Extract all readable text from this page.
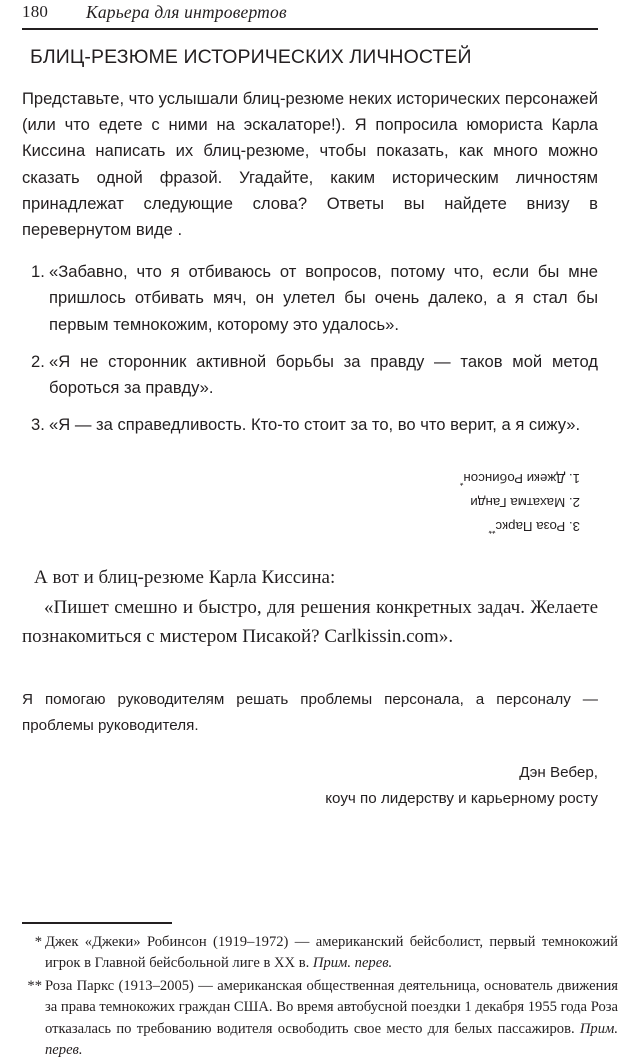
180 Карьера для интровертов
БЛИЦ-РЕЗЮМЕ ИСТОРИЧЕСКИХ ЛИЧНОСТЕЙ

Представьте, что услышали блиц-резюме неких исторических персонажей (или что едете с ними на эскалаторе!). Я попросила юмориста Карла Киссина написать их блиц-резюме, чтобы показать, как много можно сказать одной фразой. Угадайте, каким историческим личностям принадлежат следующие слова? Ответы вы найдете внизу в перевернутом виде .

1. «Забавно, что я отбиваюсь от вопросов, потому что, если бы мне пришлось отбивать мяч, он улетел бы очень далеко, а я стал бы первым темнокожим, которому это удалось».
2. «Я не сторонник активной борьбы за правду — таков мой метод бороться за правду».
3. «Я — за справедливость. Кто-то стоит за то, во что верит, а я сижу».
3. Роза Паркс**
2. Махатма Ганди
1. Джеки Робинсон*

А вот и блиц-резюме Карла Киссина:

«Пишет смешно и быстро, для решения конкретных задач. Желаете познакомиться с мистером Писакой? Carlkissin.com».

Я помогаю руководителям решать проблемы персонала, а персоналу — проблемы руководителя.

Дэн Вебер,

коуч по лидерству и карьерному росту

* Джек «Джеки» Робинсон (1919–1972) — американский бейсболист, первый темнокожий игрок в Главной бейсбольной лиге в XX в. Прим. перев.

** Роза Паркс (1913–2005) — американская общественная деятельница, основатель движения за права темнокожих граждан США. Во время автобусной поездки 1 декабря 1955 года Роза отказалась по требованию водителя освободить свое место для белых пассажиров. Прим. перев.
